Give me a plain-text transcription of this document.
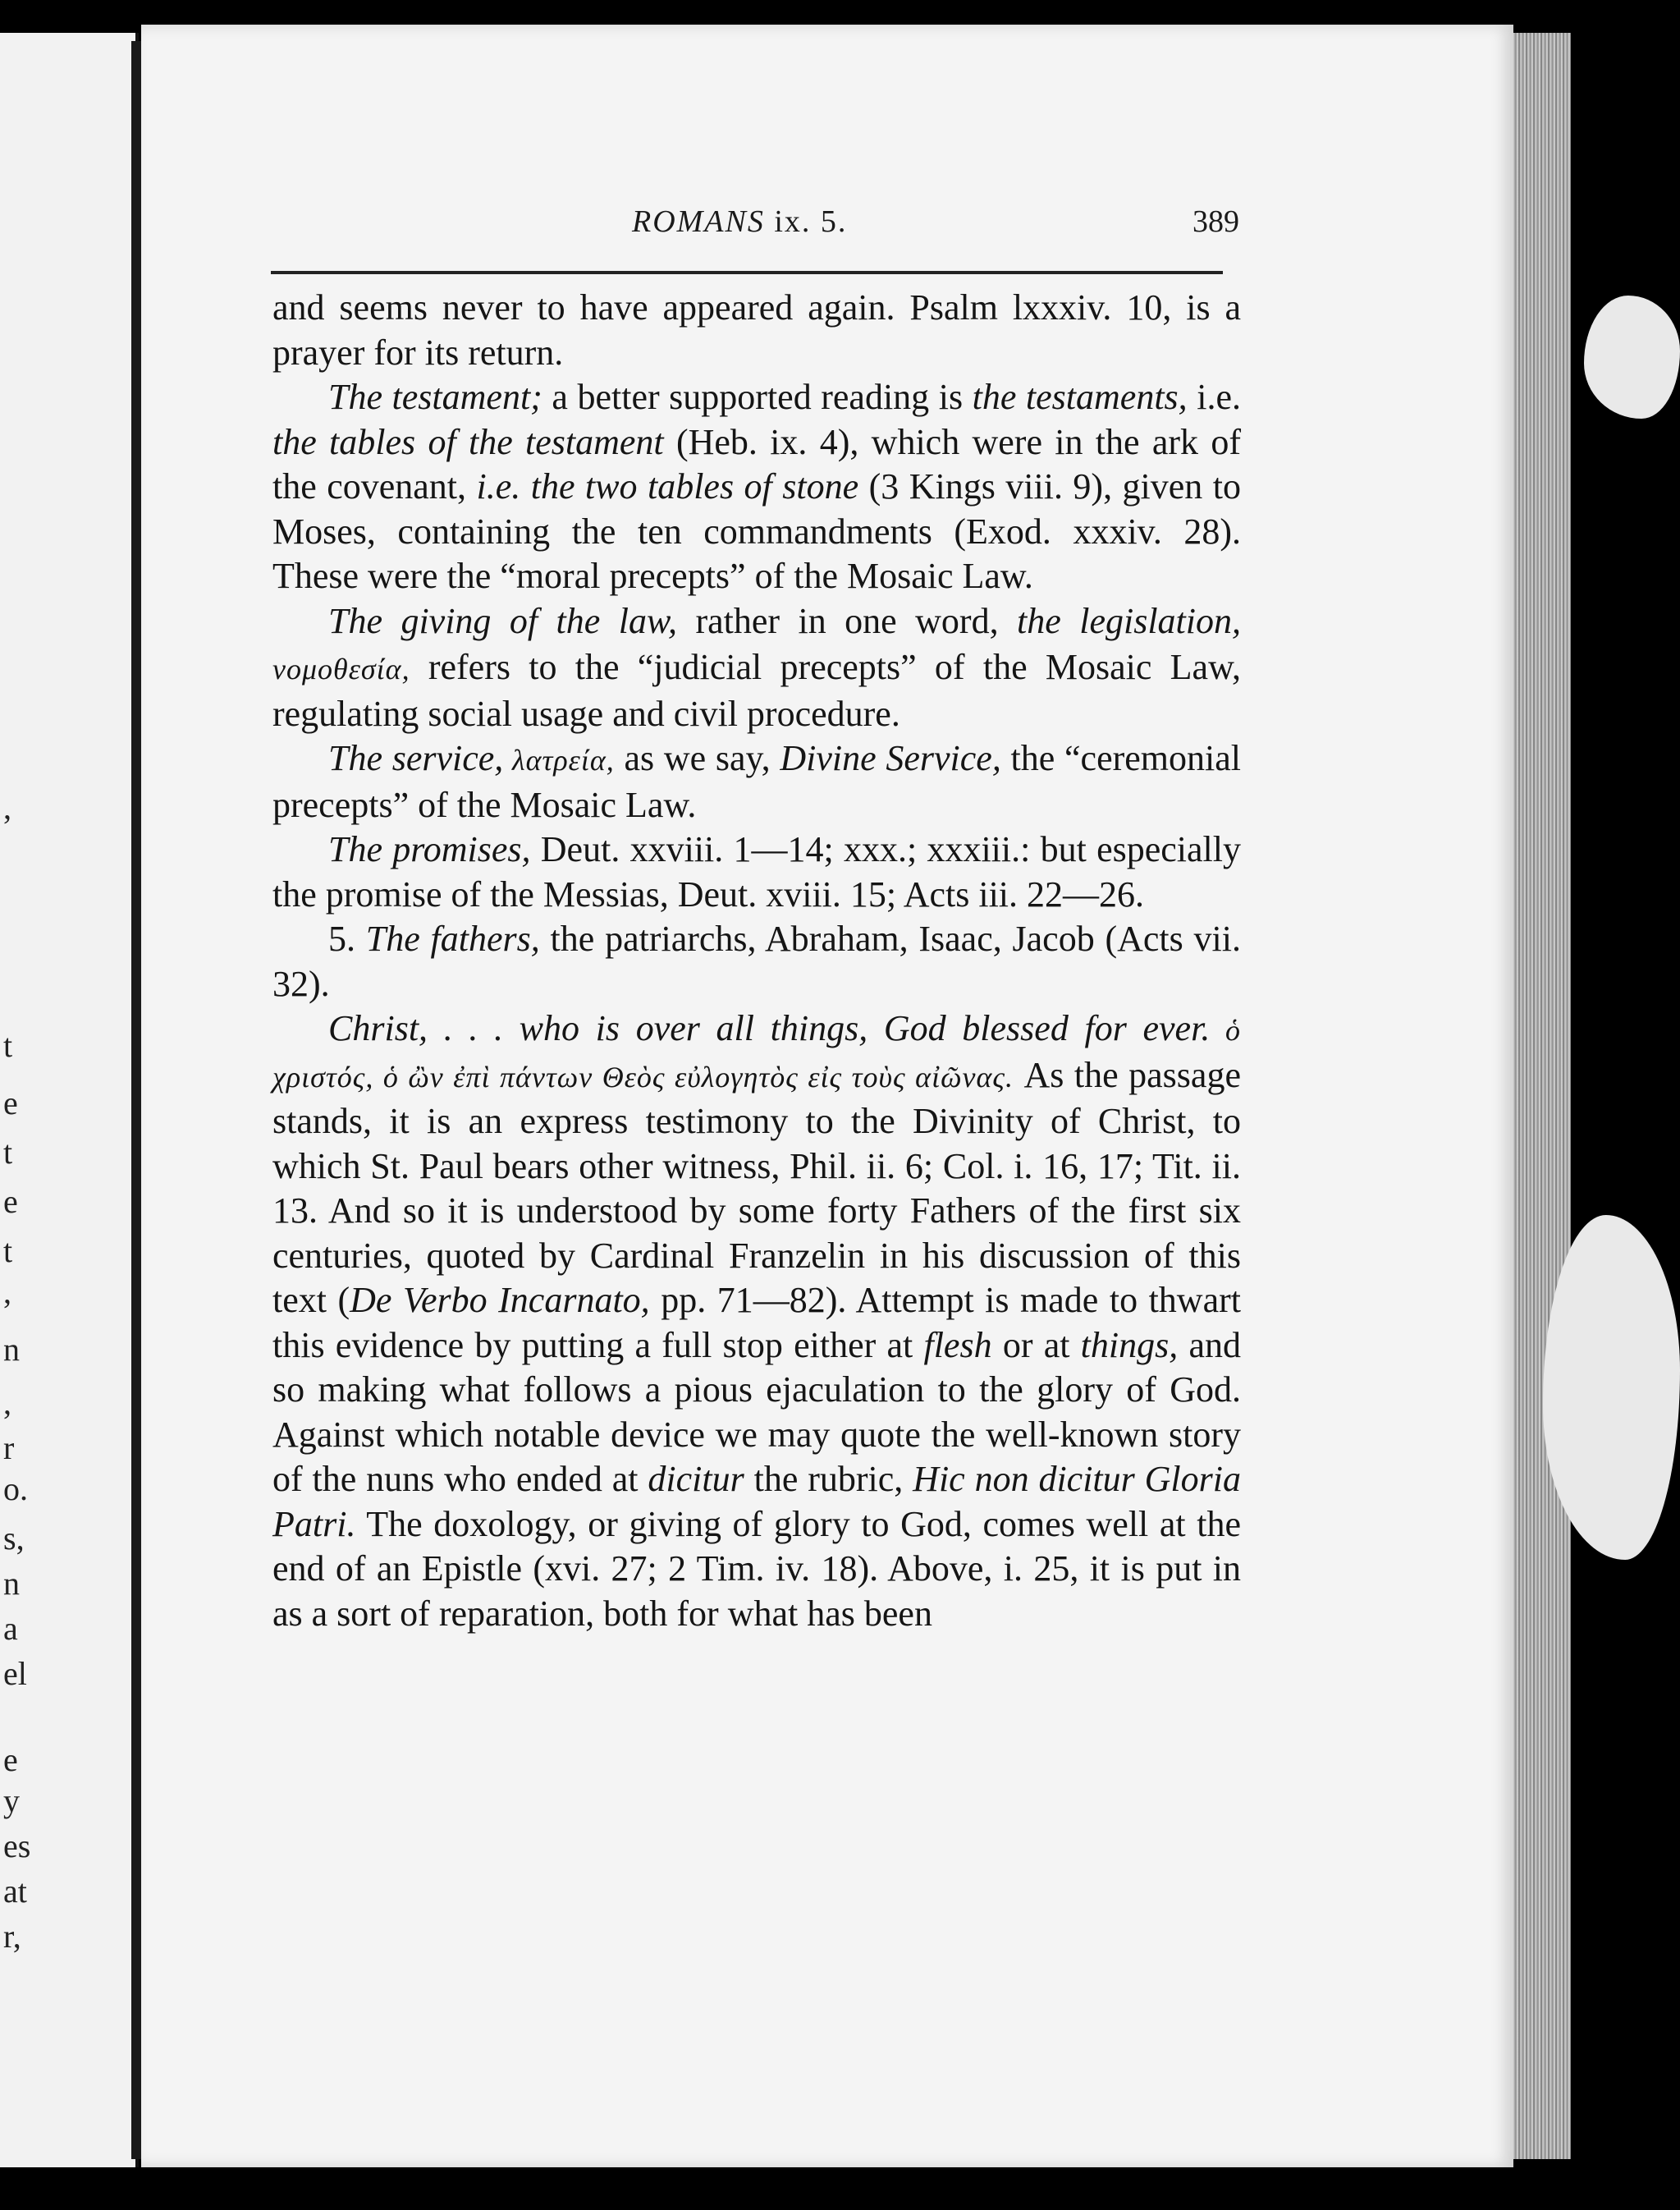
,
t
e
t
e
t
,
n
,
r
o.
s,
n
a
el
e
y
es
at
r,
ROMANS ix. 5.	389

and seems never to have appeared again. Psalm lxxxiv. 10, is a prayer for its return.

The testament; a better supported reading is the testaments, i.e. the tables of the testament (Heb. ix. 4), which were in the ark of the covenant, i.e. the two tables of stone (3 Kings viii. 9), given to Moses, containing the ten commandments (Exod. xxxiv. 28). These were the “moral precepts” of the Mosaic Law.

The giving of the law, rather in one word, the legislation, νομοθεσία, refers to the “judicial precepts” of the Mosaic Law, regulating social usage and civil procedure.

The service, λατρεία, as we say, Divine Service, the “ceremonial precepts” of the Mosaic Law.

The promises, Deut. xxviii. 1—14; xxx.; xxxiii.: but especially the promise of the Messias, Deut. xviii. 15; Acts iii. 22—26.

5. The fathers, the patriarchs, Abraham, Isaac, Jacob (Acts vii. 32).

Christ, . . . who is over all things, God blessed for ever. ὁ χριστός, ὁ ὢν ἐπὶ πάντων Θεὸς εὐλογητὸς εἰς τοὺς αἰῶνας. As the passage stands, it is an express testimony to the Divinity of Christ, to which St. Paul bears other witness, Phil. ii. 6; Col. i. 16, 17; Tit. ii. 13. And so it is understood by some forty Fathers of the first six centuries, quoted by Cardinal Franzelin in his discussion of this text (De Verbo Incarnato, pp. 71—82). Attempt is made to thwart this evidence by putting a full stop either at flesh or at things, and so making what follows a pious ejaculation to the glory of God. Against which notable device we may quote the well-known story of the nuns who ended at dicitur the rubric, Hic non dicitur Gloria Patri. The doxology, or giving of glory to God, comes well at the end of an Epistle (xvi. 27; 2 Tim. iv. 18). Above, i. 25, it is put in as a sort of reparation, both for what has been
